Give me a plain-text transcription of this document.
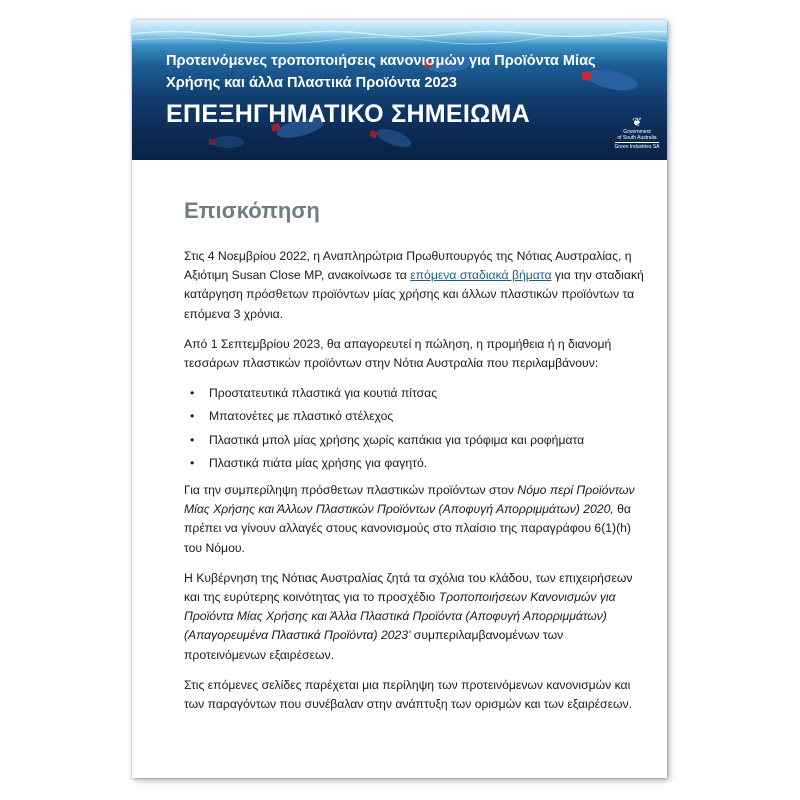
Προτεινόμενες τροποποιήσεις κανονισμών για Προϊόντα Μίας Χρήσης και άλλα Πλαστικά Προϊόντα 2023

ΕΠΕΞΗΓΗΜΑΤΙΚΟ ΣΗΜΕΙΩΜΑ	❦
Government
of South Australia
Green Industries SA
Επισκόπηση

Στις 4 Νοεμβρίου 2022, η Αναπληρώτρια Πρωθυπουργός της Νότιας Αυστραλίας, η Αξιότιμη Susan Close MP, ανακοίνωσε τα επόμενα σταδιακά βήματα για την σταδιακή κατάργηση πρόσθετων προϊόντων μίας χρήσης και άλλων πλαστικών προϊόντων τα επόμενα 3 χρόνια.

Από 1 Σεπτεμβρίου 2023, θα απαγορευτεί η πώληση, η προμήθεια ή η διανομή τεσσάρων πλαστικών προϊόντων στην Νότια Αυστραλία που περιλαμβάνουν:

• Προστατευτικά πλαστικά για κουτιά πίτσας
• Μπατονέτες με πλαστικό στέλεχος
• Πλαστικά μπολ μίας χρήσης χωρίς καπάκια για τρόφιμα και ροφήματα
• Πλαστικά πιάτα μίας χρήσης για φαγητό.

Για την συμπερίληψη πρόσθετων πλαστικών προϊόντων στον Νόμο περί Προϊόντων Μίας Χρήσης και Άλλων Πλαστικών Προϊόντων (Αποφυγή Απορριμμάτων) 2020, θα πρέπει να γίνουν αλλαγές στους κανονισμούς στο πλαίσιο της παραγράφου 6(1)(h) του Νόμου.

Η Κυβέρνηση της Νότιας Αυστραλίας ζητά τα σχόλια του κλάδου, των επιχειρήσεων και της ευρύτερης κοινότητας για το προσχέδιο Τροποποιήσεων Κανονισμών για Προϊόντα Μίας Χρήσης και Άλλα Πλαστικά Προϊόντα (Αποφυγή Απορριμμάτων) (Απαγορευμένα Πλαστικά Προϊόντα) 2023' συμπεριλαμβανομένων των προτεινόμενων εξαιρέσεων.

Στις επόμενες σελίδες παρέχεται μια περίληψη των προτεινόμενων κανονισμών και των παραγόντων που συνέβαλαν στην ανάπτυξη των ορισμών και των εξαιρέσεων.
